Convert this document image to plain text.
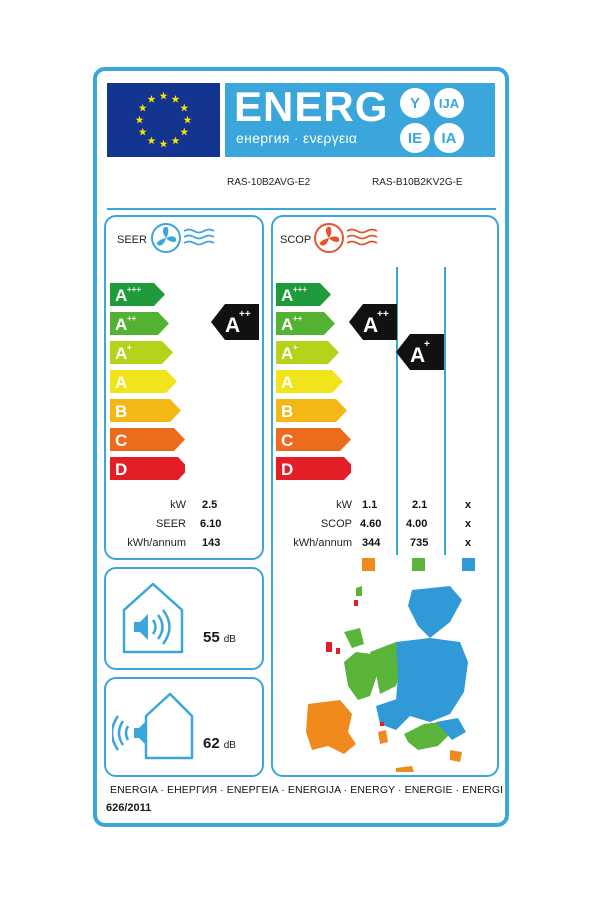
ENERG
енергия · ενεργεια
Y	IJA
IE	IA
RAS-10B2AVG-E2	RAS-B10B2KV2G-E
SEER
A +++
A ++
A +
A
B
C
D
A
++
kW 2.5
SEER 6.10
kWh/annum 143
SCOP
A +++
A ++
A +
A
B
C
D
A
++
A
+
kW 1.1	2.1	x
SCOP 4.60 4.00	x
kWh/annum 344	735	x
55 dB
62 dB
ENERGIA · ЕНЕРГИЯ · ΕΝΕΡΓΕΙΑ · ENERGIJA · ENERGY · ENERGIE · ENERGI
626/2011
